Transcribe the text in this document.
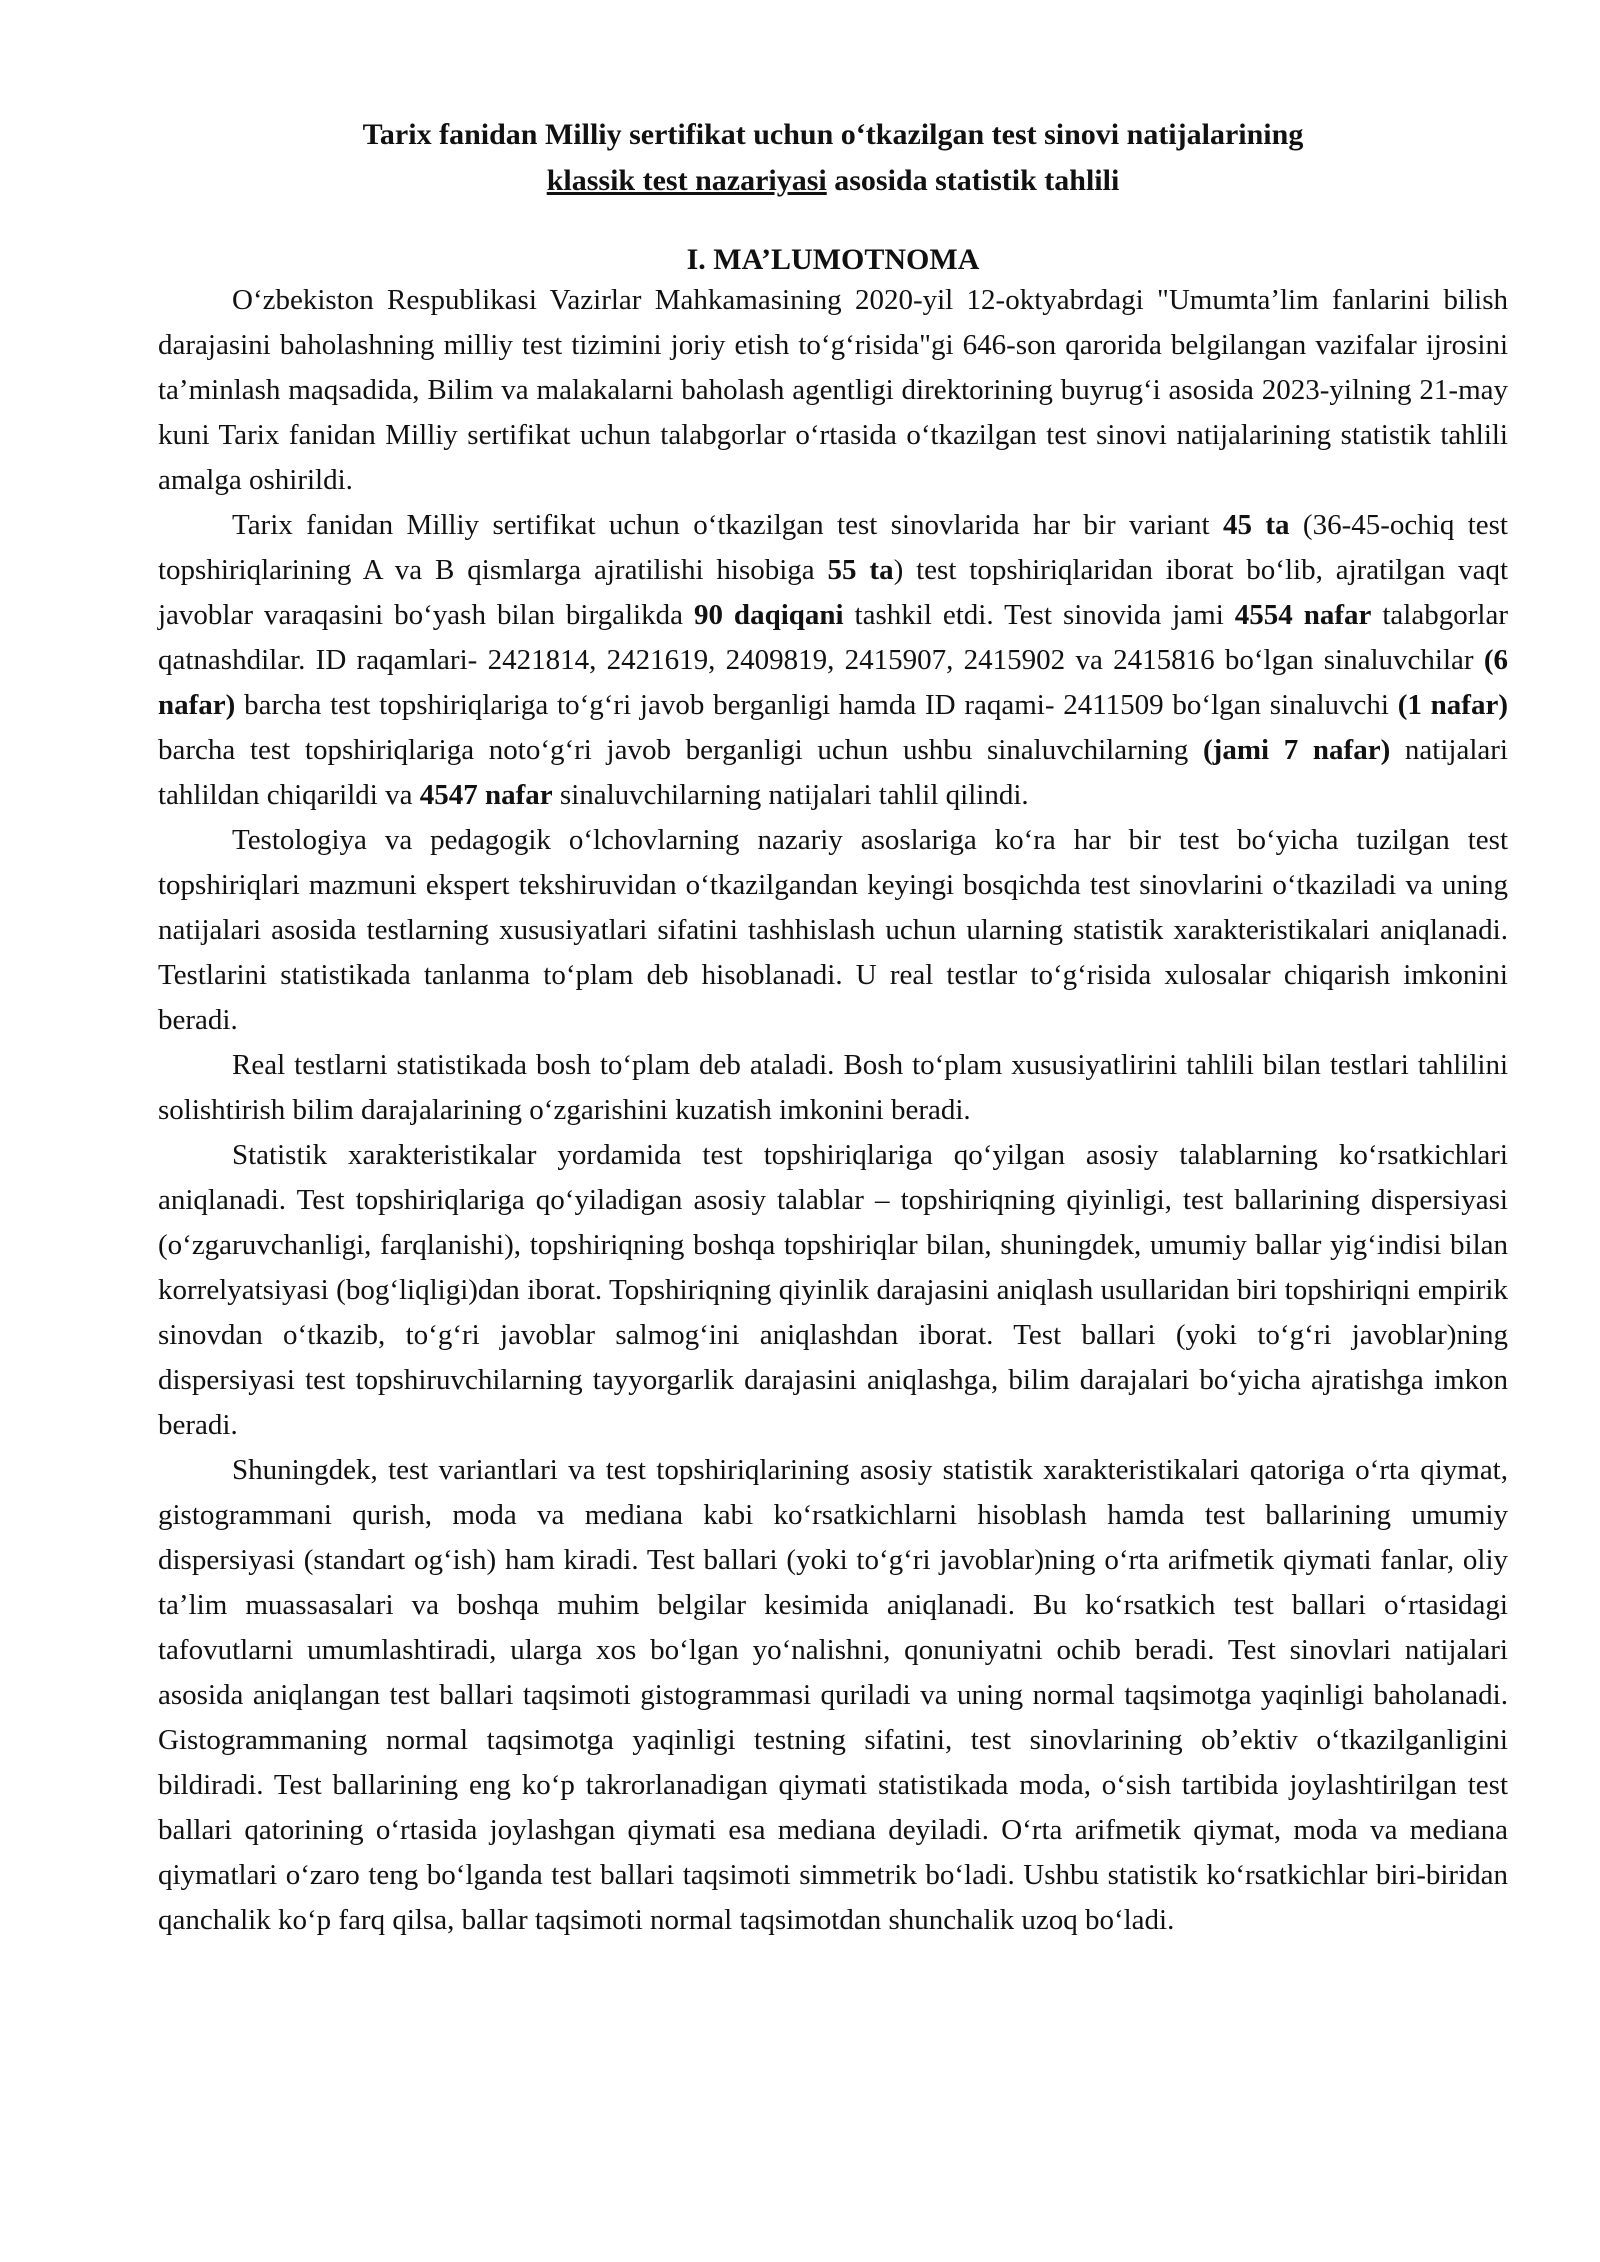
Tarix fanidan Milliy sertifikat uchun o‘tkazilgan test sinovi natijalarining
klassik test nazariyasi asosida statistik tahlili
I. MA’LUMOTNOMA

O‘zbekiston Respublikasi Vazirlar Mahkamasining 2020-yil 12-oktyabrdagi "Umumta’lim fanlarini bilish darajasini baholashning milliy test tizimini joriy etish to‘g‘risida"gi 646-son qarorida belgilangan vazifalar ijrosini ta’minlash maqsadida, Bilim va malakalarni baholash agentligi direktorining buyrug‘i asosida 2023-yilning 21-may kuni Tarix fanidan Milliy sertifikat uchun talabgorlar o‘rtasida o‘tkazilgan test sinovi natijalarining statistik tahlili amalga oshirildi.

Tarix fanidan Milliy sertifikat uchun o‘tkazilgan test sinovlarida har bir variant 45 ta (36-45-ochiq test topshiriqlarining A va B qismlarga ajratilishi hisobiga 55 ta) test topshiriqlaridan iborat bo‘lib, ajratilgan vaqt javoblar varaqasini bo‘yash bilan birgalikda 90 daqiqani tashkil etdi. Test sinovida jami 4554 nafar talabgorlar qatnashdilar. ID raqamlari- 2421814, 2421619, 2409819, 2415907, 2415902 va 2415816 bo‘lgan sinaluvchilar (6 nafar) barcha test topshiriqlariga to‘g‘ri javob berganligi hamda ID raqami- 2411509 bo‘lgan sinaluvchi (1 nafar) barcha test topshiriqlariga noto‘g‘ri javob berganligi uchun ushbu sinaluvchilarning (jami 7 nafar) natijalari tahlildan chiqarildi va 4547 nafar sinaluvchilarning natijalari tahlil qilindi.

Testologiya va pedagogik o‘lchovlarning nazariy asoslariga ko‘ra har bir test bo‘yicha tuzilgan test topshiriqlari mazmuni ekspert tekshiruvidan o‘tkazilgandan keyingi bosqichda test sinovlarini o‘tkaziladi va uning natijalari asosida testlarning xususiyatlari sifatini tashhislash uchun ularning statistik xarakteristikalari aniqlanadi. Testlarini statistikada tanlanma to‘plam deb hisoblanadi. U real testlar to‘g‘risida xulosalar chiqarish imkonini beradi.

Real testlarni statistikada bosh to‘plam deb ataladi. Bosh to‘plam xususiyatlirini tahlili bilan testlari tahlilini solishtirish bilim darajalarining o‘zgarishini kuzatish imkonini beradi.

Statistik xarakteristikalar yordamida test topshiriqlariga qo‘yilgan asosiy talablarning ko‘rsatkichlari aniqlanadi. Test topshiriqlariga qo‘yiladigan asosiy talablar – topshiriqning qiyinligi, test ballarining dispersiyasi (o‘zgaruvchanligi, farqlanishi), topshiriqning boshqa topshiriqlar bilan, shuningdek, umumiy ballar yig‘indisi bilan korrelyatsiyasi (bog‘liqligi)dan iborat. Topshiriqning qiyinlik darajasini aniqlash usullaridan biri topshiriqni empirik sinovdan o‘tkazib, to‘g‘ri javoblar salmog‘ini aniqlashdan iborat. Test ballari (yoki to‘g‘ri javoblar)ning dispersiyasi test topshiruvchilarning tayyorgarlik darajasini aniqlashga, bilim darajalari bo‘yicha ajratishga imkon beradi.

Shuningdek, test variantlari va test topshiriqlarining asosiy statistik xarakteristikalari qatoriga o‘rta qiymat, gistogrammani qurish, moda va mediana kabi ko‘rsatkichlarni hisoblash hamda test ballarining umumiy dispersiyasi (standart og‘ish) ham kiradi. Test ballari (yoki to‘g‘ri javoblar)ning o‘rta arifmetik qiymati fanlar, oliy ta’lim muassasalari va boshqa muhim belgilar kesimida aniqlanadi. Bu ko‘rsatkich test ballari o‘rtasidagi tafovutlarni umumlashtiradi, ularga xos bo‘lgan yo‘nalishni, qonuniyatni ochib beradi. Test sinovlari natijalari asosida aniqlangan test ballari taqsimoti gistogrammasi quriladi va uning normal taqsimotga yaqinligi baholanadi. Gistogrammaning normal taqsimotga yaqinligi testning sifatini, test sinovlarining ob’ektiv o‘tkazilganligini bildiradi. Test ballarining eng ko‘p takrorlanadigan qiymati statistikada moda, o‘sish tartibida joylashtirilgan test ballari qatorining o‘rtasida joylashgan qiymati esa mediana deyiladi. O‘rta arifmetik qiymat, moda va mediana qiymatlari o‘zaro teng bo‘lganda test ballari taqsimoti simmetrik bo‘ladi. Ushbu statistik ko‘rsatkichlar biri-biridan qanchalik ko‘p farq qilsa, ballar taqsimoti normal taqsimotdan shunchalik uzoq bo‘ladi.
